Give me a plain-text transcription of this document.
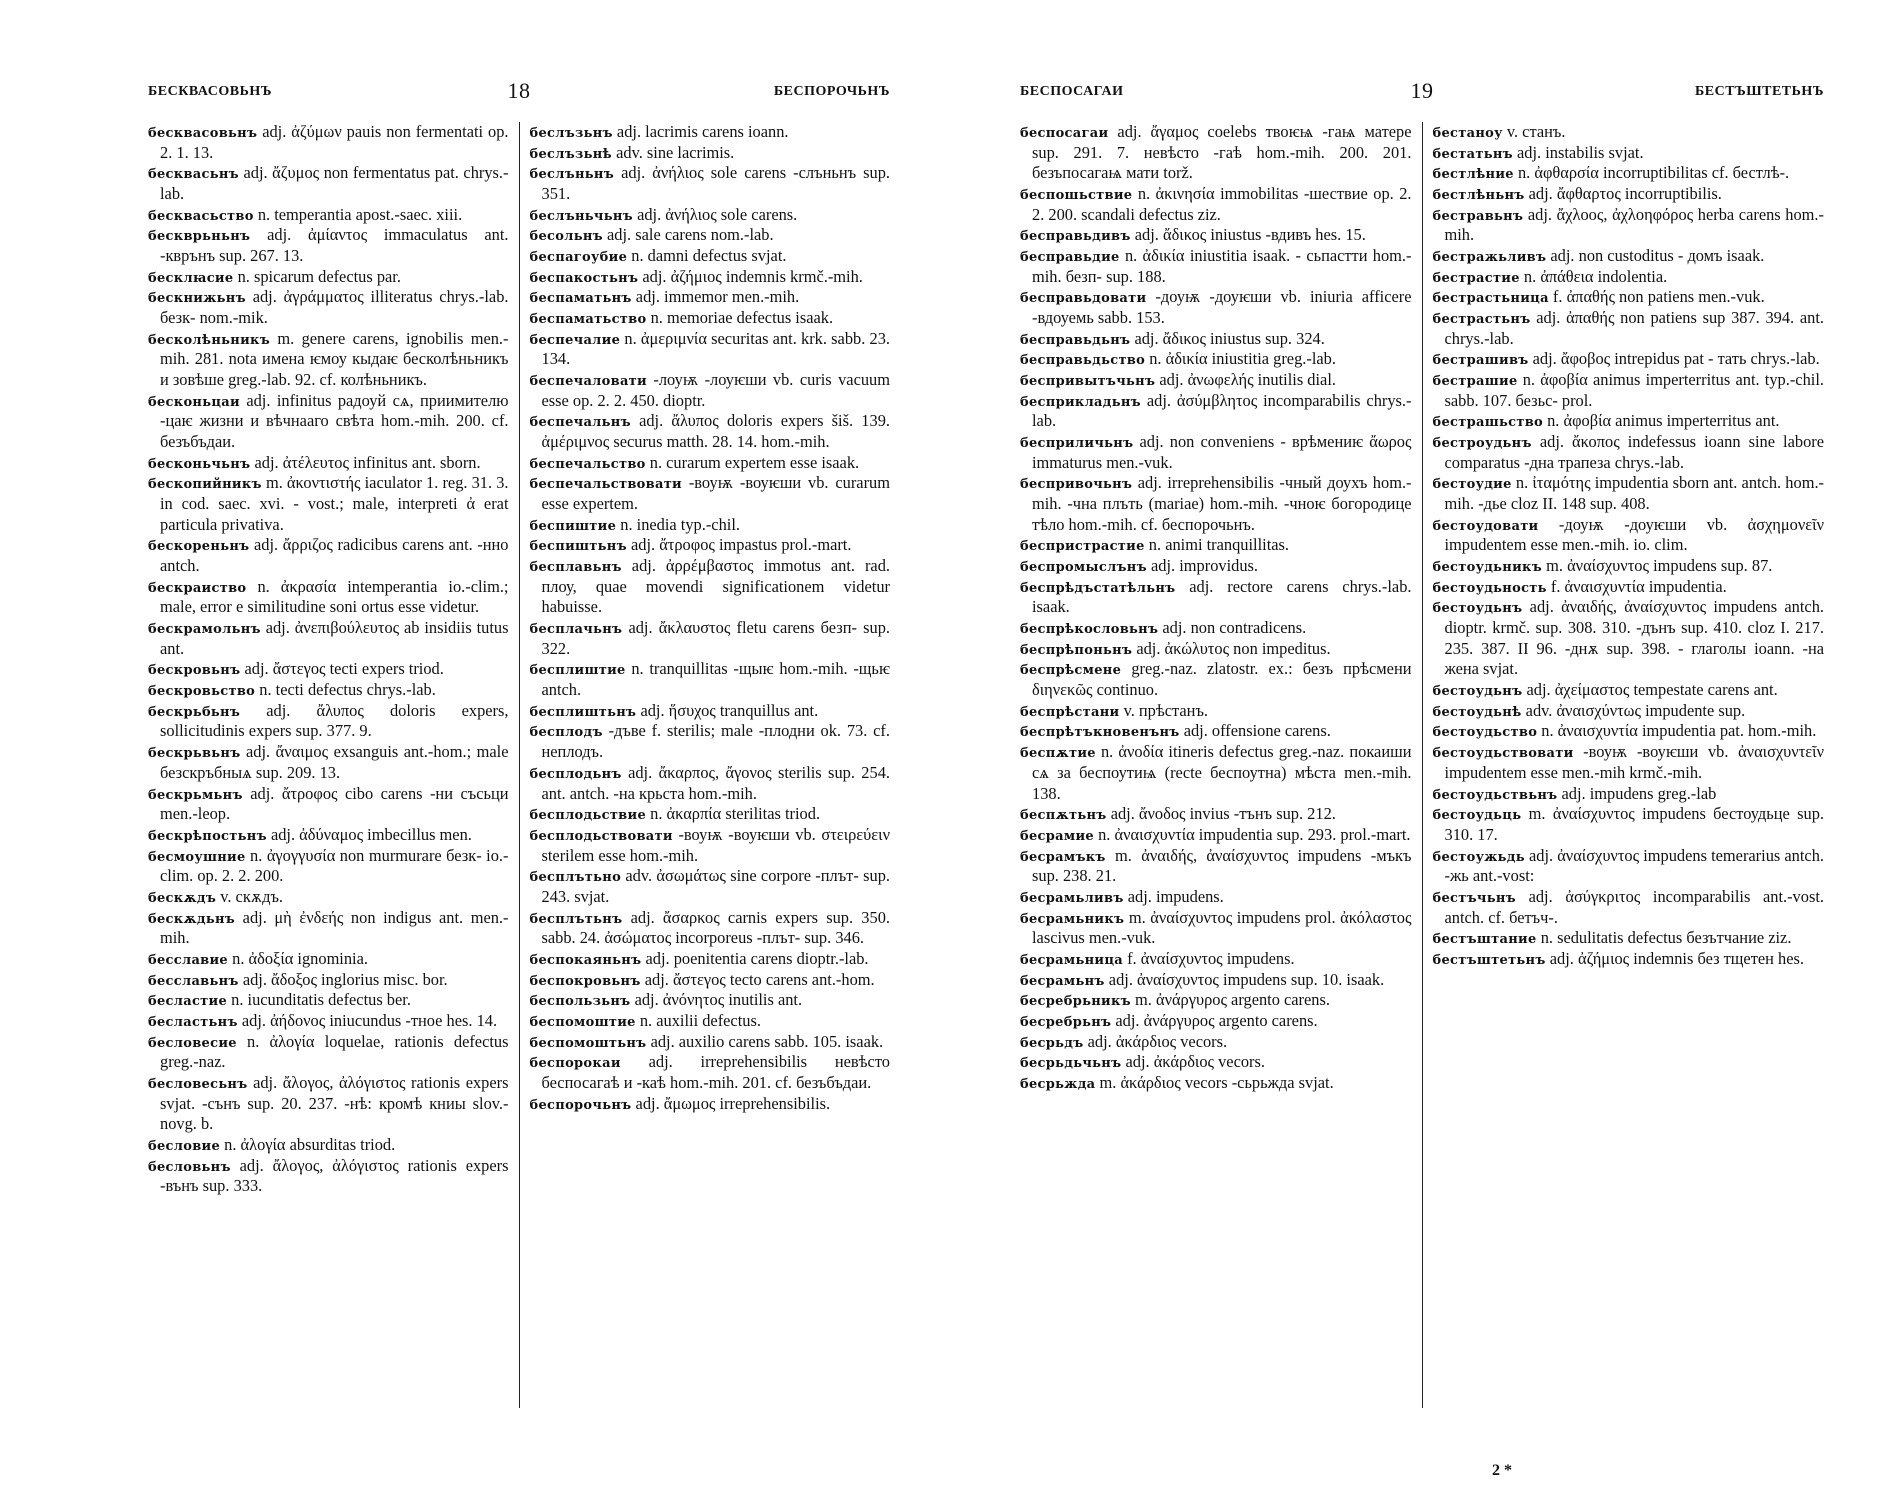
БЕСКВАСОВЬНЪ	18	БЕСПОРОЧЬНЪ

бесквасовьнъ adj. ἀζύμων pauis non fermentati op. 2. 1. 13.

бесквасьнъ adj. ἄζυμος non fermentatus pat. chrys.-lab.

бесквасьство n. temperantia apost.-saec. xiii.

бескврьньнъ adj. ἀμίαντος immaculatus ant. -кврънъ sup. 267. 13.

бесклꙗсие n. spicarum defectus par.

бескнижьнъ adj. ἀγράμματος illiteratus chrys.-lab. безк- nom.-mik.

бесколѣньникъ m. genere carens, ignobilis men.-mih. 281. nota имена ѥмоу кыдаѥ бесколѣньникъ и зовѣше greg.-lab. 92. cf. колѣньникъ.

бесконьцаи adj. infinitus радоуй сѧ, приимителю -цаѥ жизни и вѣчнааго свѣта hom.-mih. 200. cf. безъбъдаи.

бесконьчьнъ adj. ἀτέλευτος infinitus ant. sborn.

бескопийникъ m. ἀκοντιστής iaculator 1. reg. 31. 3. in cod. saec. xvi. - vost.; male, interpreti ἀ erat particula privativa.

бескореньнъ adj. ἄρριζος radicibus carens ant. -нно antch.

бескраиство n. ἀκρασία intemperantia io.-clim.; male, error e similitudine soni ortus esse videtur.

бескрамольнъ adj. ἀνεπιβούλευτος ab insidiis tutus ant.

бескровьнъ adj. ἄστεγος tecti expers triod.

бескровьство n. tecti defectus chrys.-lab.

бескрьбьнъ adj. ἄλυπος doloris expers, sollicitudinis expers sup. 377. 9.

бескрьвьнъ adj. ἄναιμος exsanguis ant.-hom.; male безскръбныѧ sup. 209. 13.

бескрьмьнъ adj. ἄτροφος cibo carens -ни съсьци men.-leop.

бескрѣпостьнъ adj. ἀδύναμος imbecillus men.

бесмоушние n. ἀγογγυσία non murmurare безк- io.-clim. op. 2. 2. 200.

бескѫдъ v. скѫдъ.

бескѫдьнъ adj. μὴ ἐνδεής non indigus ant. men.-mih.

бесславие n. ἀδοξία ignominia.

бесславьнъ adj. ἄδοξος inglorius misc. bor.

бесластие n. iucunditatis defectus ber.

бесластьнъ adj. ἀήδονος iniucundus -тное hes. 14.

бесловесие n. ἀλογία loquelae, rationis defectus greg.-naz.

бесловесьнъ adj. ἄλογος, ἀλόγιστος rationis expers svjat. -сънъ sup. 20. 237. -нѣ: кромѣ книы slov.-novg. b.

бесловие n. ἀλογία absurditas triod.

бесловьнъ adj. ἄλογος, ἀλόγιστος rationis expers -вънъ sup. 333.

беслъзьнъ adj. lacrimis carens ioann.

беслъзьнѣ adv. sine lacrimis.

беслъньнъ adj. ἀνήλιος sole carens -слъньнъ sup. 351.

беслъньчьнъ adj. ἀνήλιος sole carens.

бесольнъ adj. sale carens nom.-lab.

беспагоубие n. damni defectus svjat.

беспакостьнъ adj. ἀζήμιος indemnis krmč.-mih.

беспаматьнъ adj. immemor men.-mih.

беспаматьство n. memoriae defectus isaak.

беспечалие n. ἀμεριμνία securitas ant. krk. sabb. 23. 134.

беспечаловати -лоуѭ -лоуѥши vb. curis vacuum esse op. 2. 2. 450. dioptr.

беспечальнъ adj. ἄλυπος doloris expers šiš. 139. ἀμέριμνος securus matth. 28. 14. hom.-mih.

беспечальство n. curarum expertem esse isaak.

беспечальствовати -воуѭ -воуѥши vb. curarum esse expertem.

беспиштие n. inedia typ.-chil.

беспиштьнъ adj. ἄτροφος impastus prol.-mart.

бесплавьнъ adj. ἀρρέμβαστος immotus ant. rad. плоу, quae movendi significationem videtur habuisse.

бесплачьнъ adj. ἄκλαυστος fletu carens безп- sup. 322.

бесплиштие n. tranquillitas -щыѥ hom.-mih. -щьѥ antch.

бесплиштьнъ adj. ἥσυχος tranquillus ant.

бесплодъ -дъве f. sterilis; male -плодни ok. 73. cf. неплодъ.

бесплодьнъ adj. ἄκαρπος, ἄγονος sterilis sup. 254. ant. antch. -на крьста hom.-mih.

бесплодьствие n. ἀκαρπία sterilitas triod.

бесплодьствовати -воуѭ -воуѥши vb. στειρεύειν sterilem esse hom.-mih.

бесплътьно adv. ἀσωμάτως sine corpore -плът- sup. 243. svjat.

бесплътьнъ adj. ἄσαρκος carnis expers sup. 350. sabb. 24. ἀσώματος incorporeus -плът- sup. 346.

беспокаяньнъ adj. poenitentia carens dioptr.-lab.

беспокровьнъ adj. ἄστεγος tecto carens ant.-hom.

беспользьнъ adj. ἀνόνητος inutilis ant.

беспомоштие n. auxilii defectus.

беспомоштьнъ adj. auxilio carens sabb. 105. isaak.

беспорокаи adj. irreprehensibilis невѣсто беспосагаѣ и -каѣ hom.-mih. 201. cf. безъбъдаи.

беспорочьнъ adj. ἄμωμος irreprehensibilis.

БЕСПОСАГАИ	19	БЕСТЪШТЕТЬНЪ

беспосагаи adj. ἄγαμος coelebs твоѥѩ -гаѩ матере sup. 291. 7. невѣсто -гаѣ hom.-mih. 200. 201. безъпосагаѩ мати torž.

беспошьствие n. ἀκινησία immobilitas -шествие op. 2. 2. 200. scandali defectus ziz.

бесправьдивъ adj. ἄδικος iniustus -вдивъ hes. 15.

бесправьдие n. ἀδικία iniustitia isaak. - сьпастти hom.-mih. безп- sup. 188.

бесправьдовати -доуѭ -доуѥши vb. iniuria afficere -вдоуемь sabb. 153.

бесправьдьнъ adj. ἄδικος iniustus sup. 324.

бесправьдьство n. ἀδικία iniustitia greg.-lab.

беспривытъчьнъ adj. ἀνωφελής inutilis dial.

бесприкладьнъ adj. ἀσύμβλητος incomparabilis chrys.-lab.

бесприличьнъ adj. non conveniens - врѣмениѥ ἄωρος immaturus men.-vuk.

беспривочьнъ adj. irreprehensibilis -чный доухъ hom.-mih. -чна плъть (mariae) hom.-mih. -чноѥ богородице тѣло hom.-mih. cf. беспорочьнъ.

беспристрастие n. animi tranquillitas.

беспромыслънъ adj. improvidus.

беспрѣдъстатѣльнъ adj. rectore carens chrys.-lab. isaak.

беспрѣкословьнъ adj. non contradicens.

беспрѣпоньнъ adj. ἀκώλυτος non impeditus.

беспрѣсмене greg.-naz. zlatostr. ex.: безъ прѣсмени διηνεκῶς continuo.

беспрѣстани v. прѣстанъ.

беспрѣтъкновенънъ adj. offensione carens.

беспѫтие n. ἀνοδία itineris defectus greg.-naz. покаиши сѧ за беспоутиѩ (recte беспоутна) мѣста men.-mih. 138.

беспѫтьнъ adj. ἄνοδος invius -тънъ sup. 212.

бесрамие n. ἀναισχυντία impudentia sup. 293. prol.-mart.

бесрамъкъ m. ἀναιδής, ἀναίσχυντος impudens -мъкъ sup. 238. 21.

бесрамьливъ adj. impudens.

бесрамьникъ m. ἀναίσχυντος impudens prol. ἀκόλαστος lascivus men.-vuk.

бесрамьница f. ἀναίσχυντος impudens.

бесрамьнъ adj. ἀναίσχυντος impudens sup. 10. isaak.

бесребрьникъ m. ἀνάργυρος argento carens.

бесребрьнъ adj. ἀνάργυρος argento carens.

бесрьдъ adj. ἀκάρδιος vecors.

бесрьдьчьнъ adj. ἀκάρδιος vecors.

бесрьжда m. ἀκάρδιος vecors -сьрьжда svjat.

бестаноу v. станъ.

бестатьнъ adj. instabilis svjat.

бестлѣние n. ἀφθαρσία incorruptibilitas cf. бестлѣ-.

бестлѣньнъ adj. ἄφθαρτος incorruptibilis.

бестравьнъ adj. ἄχλοος, ἀχλοηφόρος herba carens hom.-mih.

бестражьливъ adj. non custoditus - домъ isaak.

бестрастие n. ἀπάθεια indolentia.

бестрастьница f. ἀπαθής non patiens men.-vuk.

бестрастьнъ adj. ἀπαθής non patiens sup 387. 394. ant. chrys.-lab.

бестрашивъ adj. ἄφοβος intrepidus pat - тать chrys.-lab.

бестрашие n. ἀφοβία animus imperterritus ant. typ.-chil. sabb. 107. безьс- prol.

бестрашьство n. ἀφοβία animus imperterritus ant.

бестроудьнъ adj. ἄκοπος indefessus ioann sine labore comparatus -дна трапеза chrys.-lab.

бестоудие n. ἰταμότης impudentia sborn ant. antch. hom.-mih. -дье cloz II. 148 sup. 408.

бестоудовати -доуѭ -доуѥши vb. ἀσχημονεῖν impudentem esse men.-mih. io. clim.

бестоудьникъ m. ἀναίσχυντος impudens sup. 87.

бестоудьность f. ἀναισχυντία impudentia.

бестоудьнъ adj. ἀναιδής, ἀναίσχυντος impudens antch. dioptr. krmč. sup. 308. 310. -дънъ sup. 410. cloz I. 217. 235. 387. II 96. -днѫ sup. 398. - глаголы ioann. -на жена svjat.

бестоудьнъ adj. ἀχείμαστος tempestate carens ant.

бестоудьнѣ adv. ἀναισχύντως impudente sup.

бестоудьство n. ἀναισχυντία impudentia pat. hom.-mih.

бестоудьствовати -воуѭ -воуѥши vb. ἀναισχυντεῖν impudentem esse men.-mih krmč.-mih.

бестоудьствьнъ adj. impudens greg.-lab

бестоудьць m. ἀναίσχυντος impudens бестоудьце sup. 310. 17.

бестоужьдь adj. ἀναίσχυντος impudens temerarius antch. -жь ant.-vost:

бестъчьнъ adj. ἀσύγκριτος incomparabilis ant.-vost. antch. cf. бетъч-.

бестъштание n. sedulitatis defectus безътчание ziz.

бестъштетьнъ adj. ἀζήμιος indemnis без тщетен hes.

2 *
